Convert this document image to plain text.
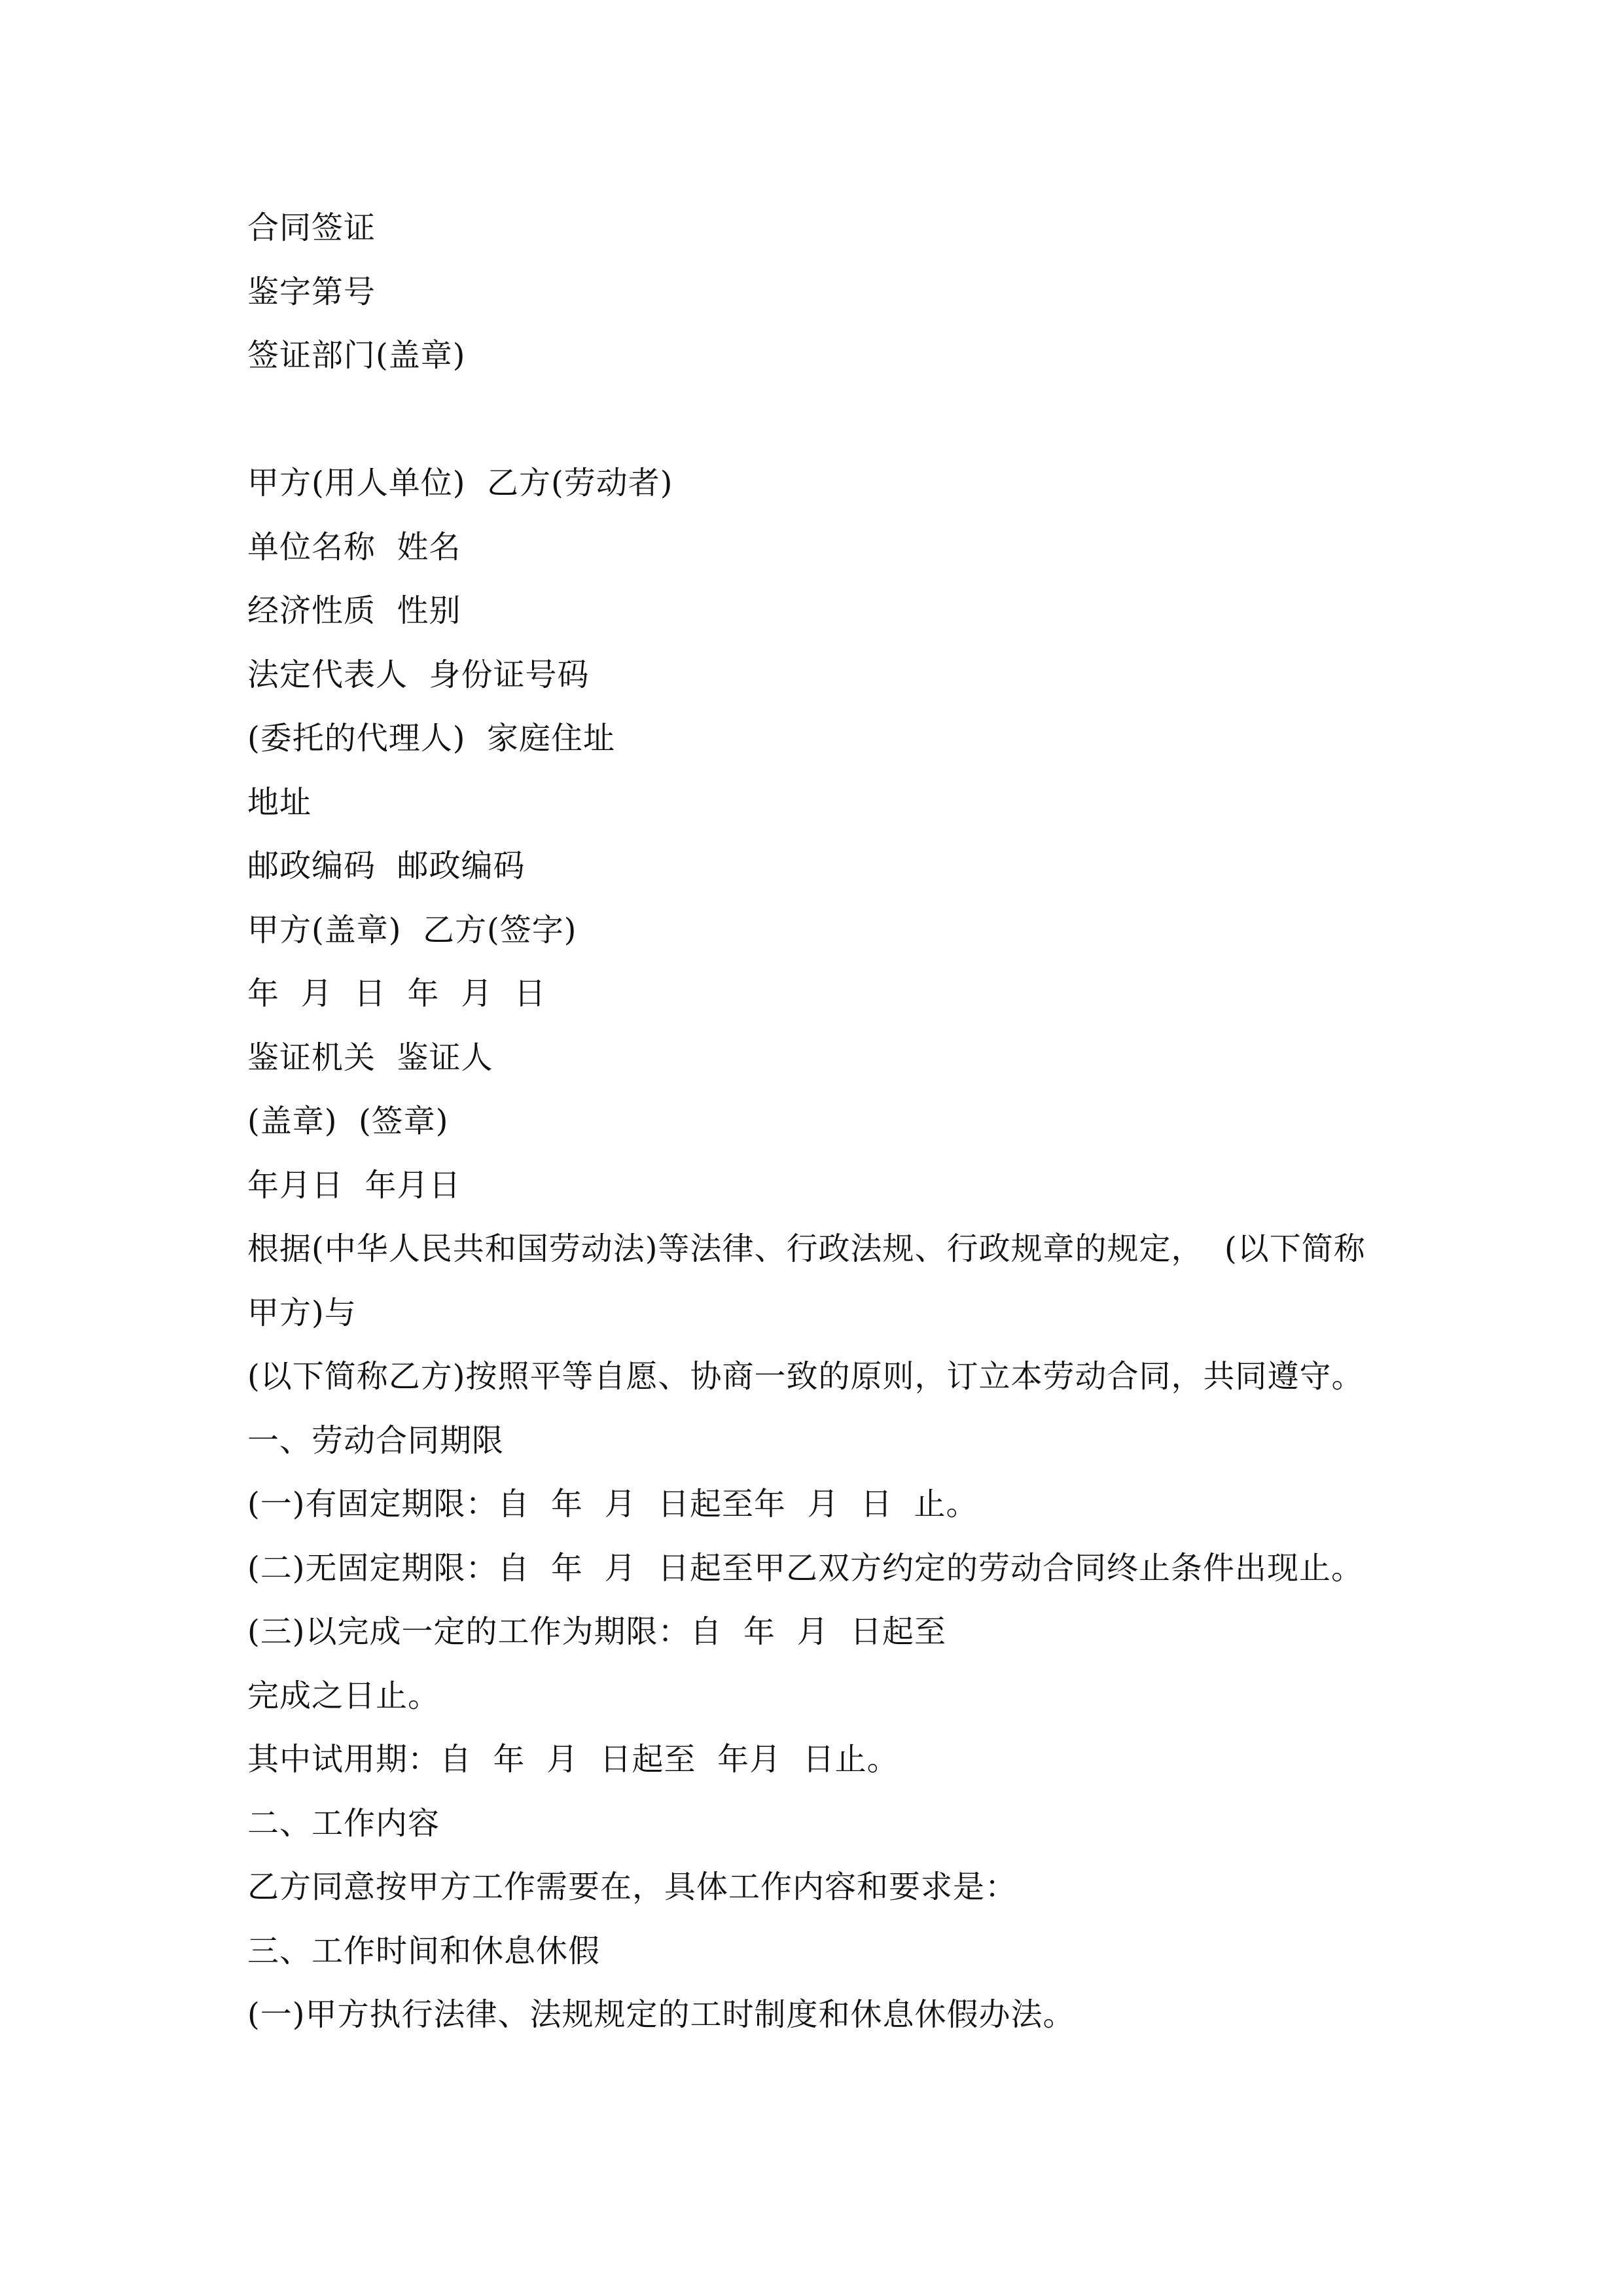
合同签证
鉴字第号
签证部门(盖章)
甲方(用人单位)  乙方(劳动者)
单位名称  姓名
经济性质  性别
法定代表人  身份证号码
(委托的代理人)  家庭住址
地址
邮政编码  邮政编码
甲方(盖章)  乙方(签字)
年  月  日  年  月  日
鉴证机关  鉴证人
(盖章)  (签章)
年月日  年月日
根据(中华人民共和国劳动法)等法律、行政法规、行政规章的规定，  (以下简称
甲方)与
(以下简称乙方)按照平等自愿、协商一致的原则，订立本劳动合同，共同遵守。
一、劳动合同期限
(一)有固定期限：自  年  月  日起至年  月  日  止。
(二)无固定期限：自  年  月  日起至甲乙双方约定的劳动合同终止条件出现止。
(三)以完成一定的工作为期限：自  年  月  日起至
完成之日止。
其中试用期：自  年  月  日起至  年月  日止。
二、工作内容
乙方同意按甲方工作需要在，具体工作内容和要求是：
三、工作时间和休息休假
(一)甲方执行法律、法规规定的工时制度和休息休假办法。
